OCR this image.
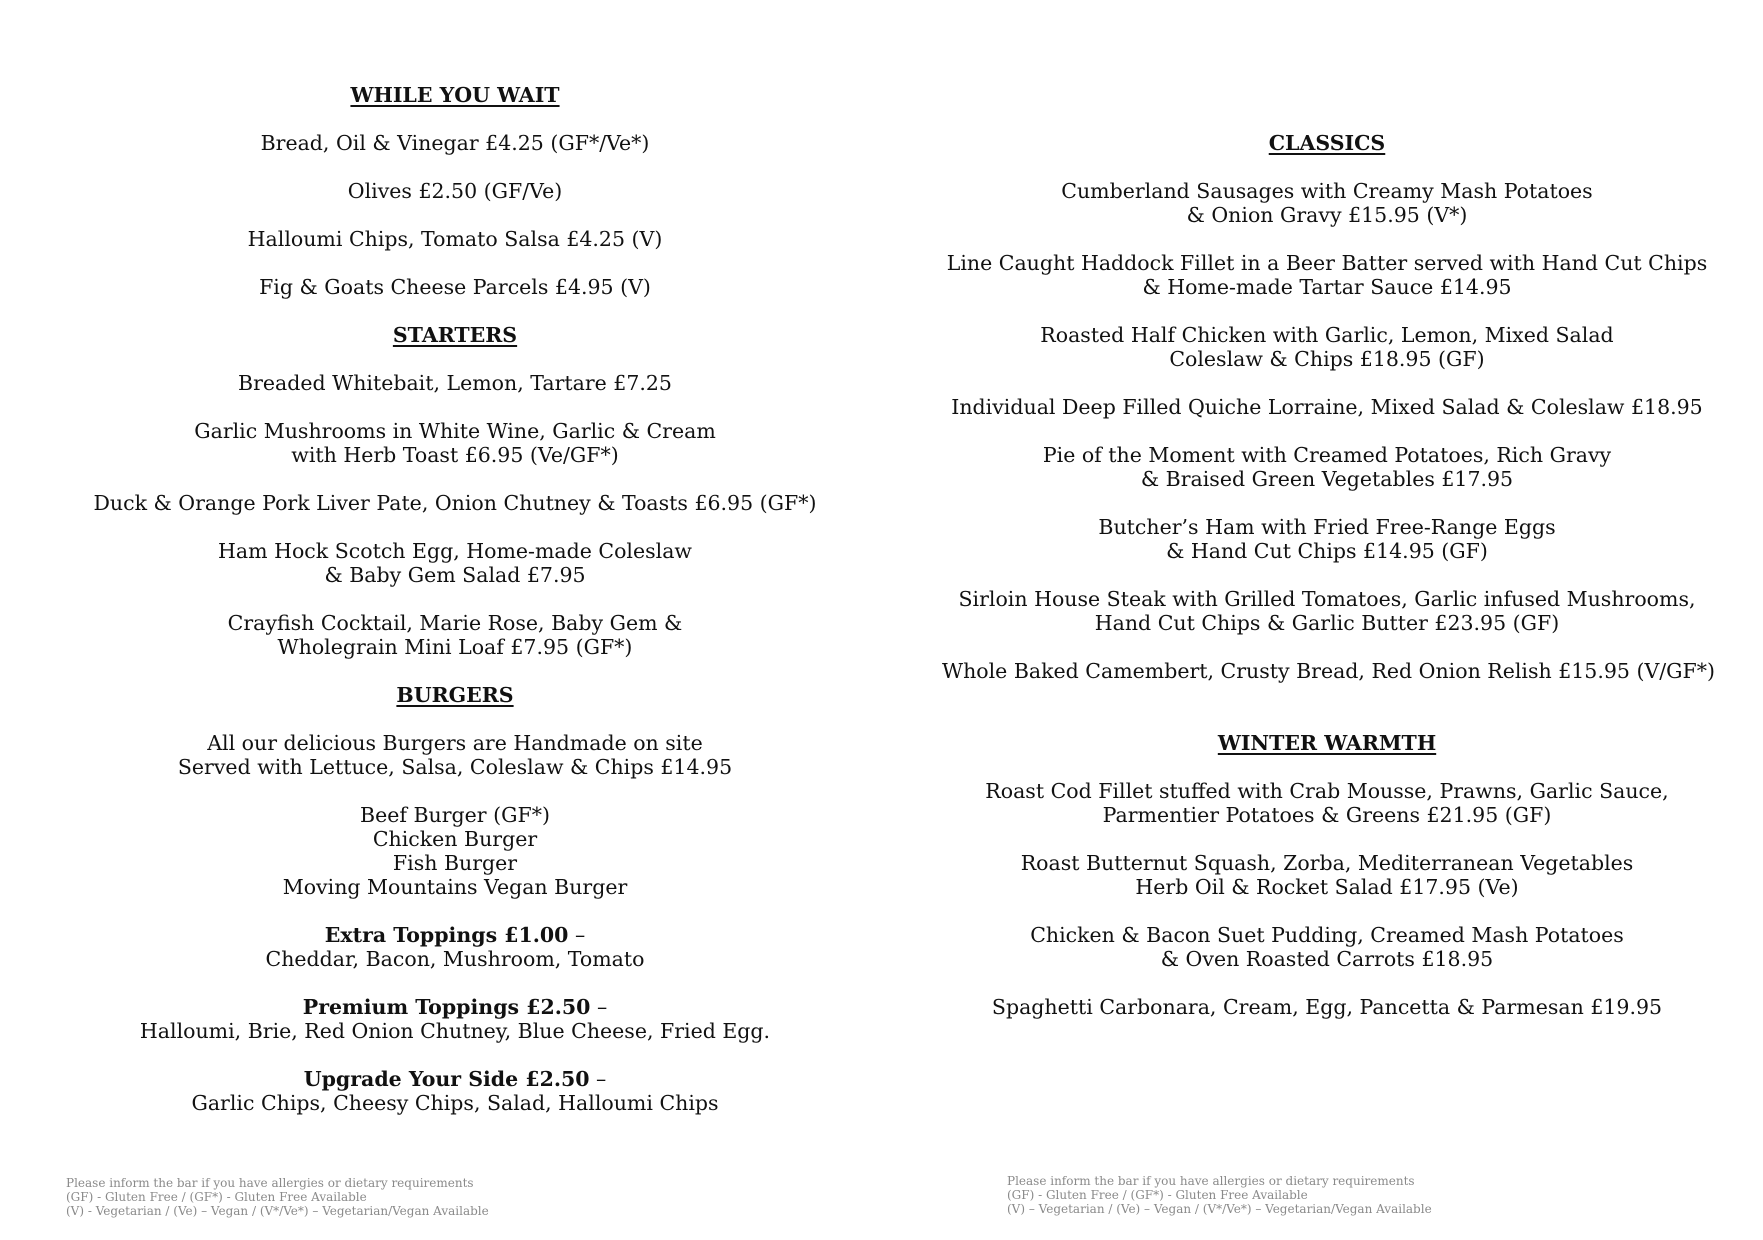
WHILE YOU WAIT
Bread, Oil & Vinegar £4.25 (GF*/Ve*)
Olives £2.50 (GF/Ve)
Halloumi Chips, Tomato Salsa £4.25 (V)
Fig & Goats Cheese Parcels £4.95 (V)
STARTERS
Breaded Whitebait, Lemon, Tartare £7.25
Garlic Mushrooms in White Wine, Garlic & Cream
with Herb Toast £6.95 (Ve/GF*)
Duck & Orange Pork Liver Pate, Onion Chutney & Toasts £6.95 (GF*)
Ham Hock Scotch Egg, Home-made Coleslaw
& Baby Gem Salad £7.95
Crayfish Cocktail, Marie Rose, Baby Gem &
Wholegrain Mini Loaf £7.95 (GF*)
BURGERS
All our delicious Burgers are Handmade on site
Served with Lettuce, Salsa, Coleslaw & Chips £14.95
Beef Burger (GF*)
Chicken Burger
Fish Burger
Moving Mountains Vegan Burger
Extra Toppings £1.00 –
Cheddar, Bacon, Mushroom, Tomato
Premium Toppings £2.50 –
Halloumi, Brie, Red Onion Chutney, Blue Cheese, Fried Egg.
Upgrade Your Side £2.50 –
Garlic Chips, Cheesy Chips, Salad, Halloumi Chips
Please inform the bar if you have allergies or dietary requirements
(GF) - Gluten Free / (GF*) - Gluten Free Available
(V) - Vegetarian / (Ve) – Vegan / (V*/Ve*) – Vegetarian/Vegan Available
CLASSICS
Cumberland Sausages with Creamy Mash Potatoes
& Onion Gravy £15.95 (V*)
Line Caught Haddock Fillet in a Beer Batter served with Hand Cut Chips
& Home-made Tartar Sauce £14.95
Roasted Half Chicken with Garlic, Lemon, Mixed Salad
Coleslaw & Chips £18.95 (GF)
Individual Deep Filled Quiche Lorraine, Mixed Salad & Coleslaw £18.95
Pie of the Moment with Creamed Potatoes, Rich Gravy
& Braised Green Vegetables £17.95
Butcher’s Ham with Fried Free-Range Eggs
& Hand Cut Chips £14.95 (GF)
Sirloin House Steak with Grilled Tomatoes, Garlic infused Mushrooms,
Hand Cut Chips & Garlic Butter £23.95 (GF)
Whole Baked Camembert, Crusty Bread, Red Onion Relish £15.95 (V/GF*)
WINTER WARMTH
Roast Cod Fillet stuffed with Crab Mousse, Prawns, Garlic Sauce,
Parmentier Potatoes & Greens £21.95 (GF)
Roast Butternut Squash, Zorba, Mediterranean Vegetables
Herb Oil & Rocket Salad £17.95 (Ve)
Chicken & Bacon Suet Pudding, Creamed Mash Potatoes
& Oven Roasted Carrots £18.95
Spaghetti Carbonara, Cream, Egg, Pancetta & Parmesan £19.95
Please inform the bar if you have allergies or dietary requirements
(GF) - Gluten Free / (GF*) - Gluten Free Available
(V) – Vegetarian / (Ve) – Vegan / (V*/Ve*) – Vegetarian/Vegan Available
